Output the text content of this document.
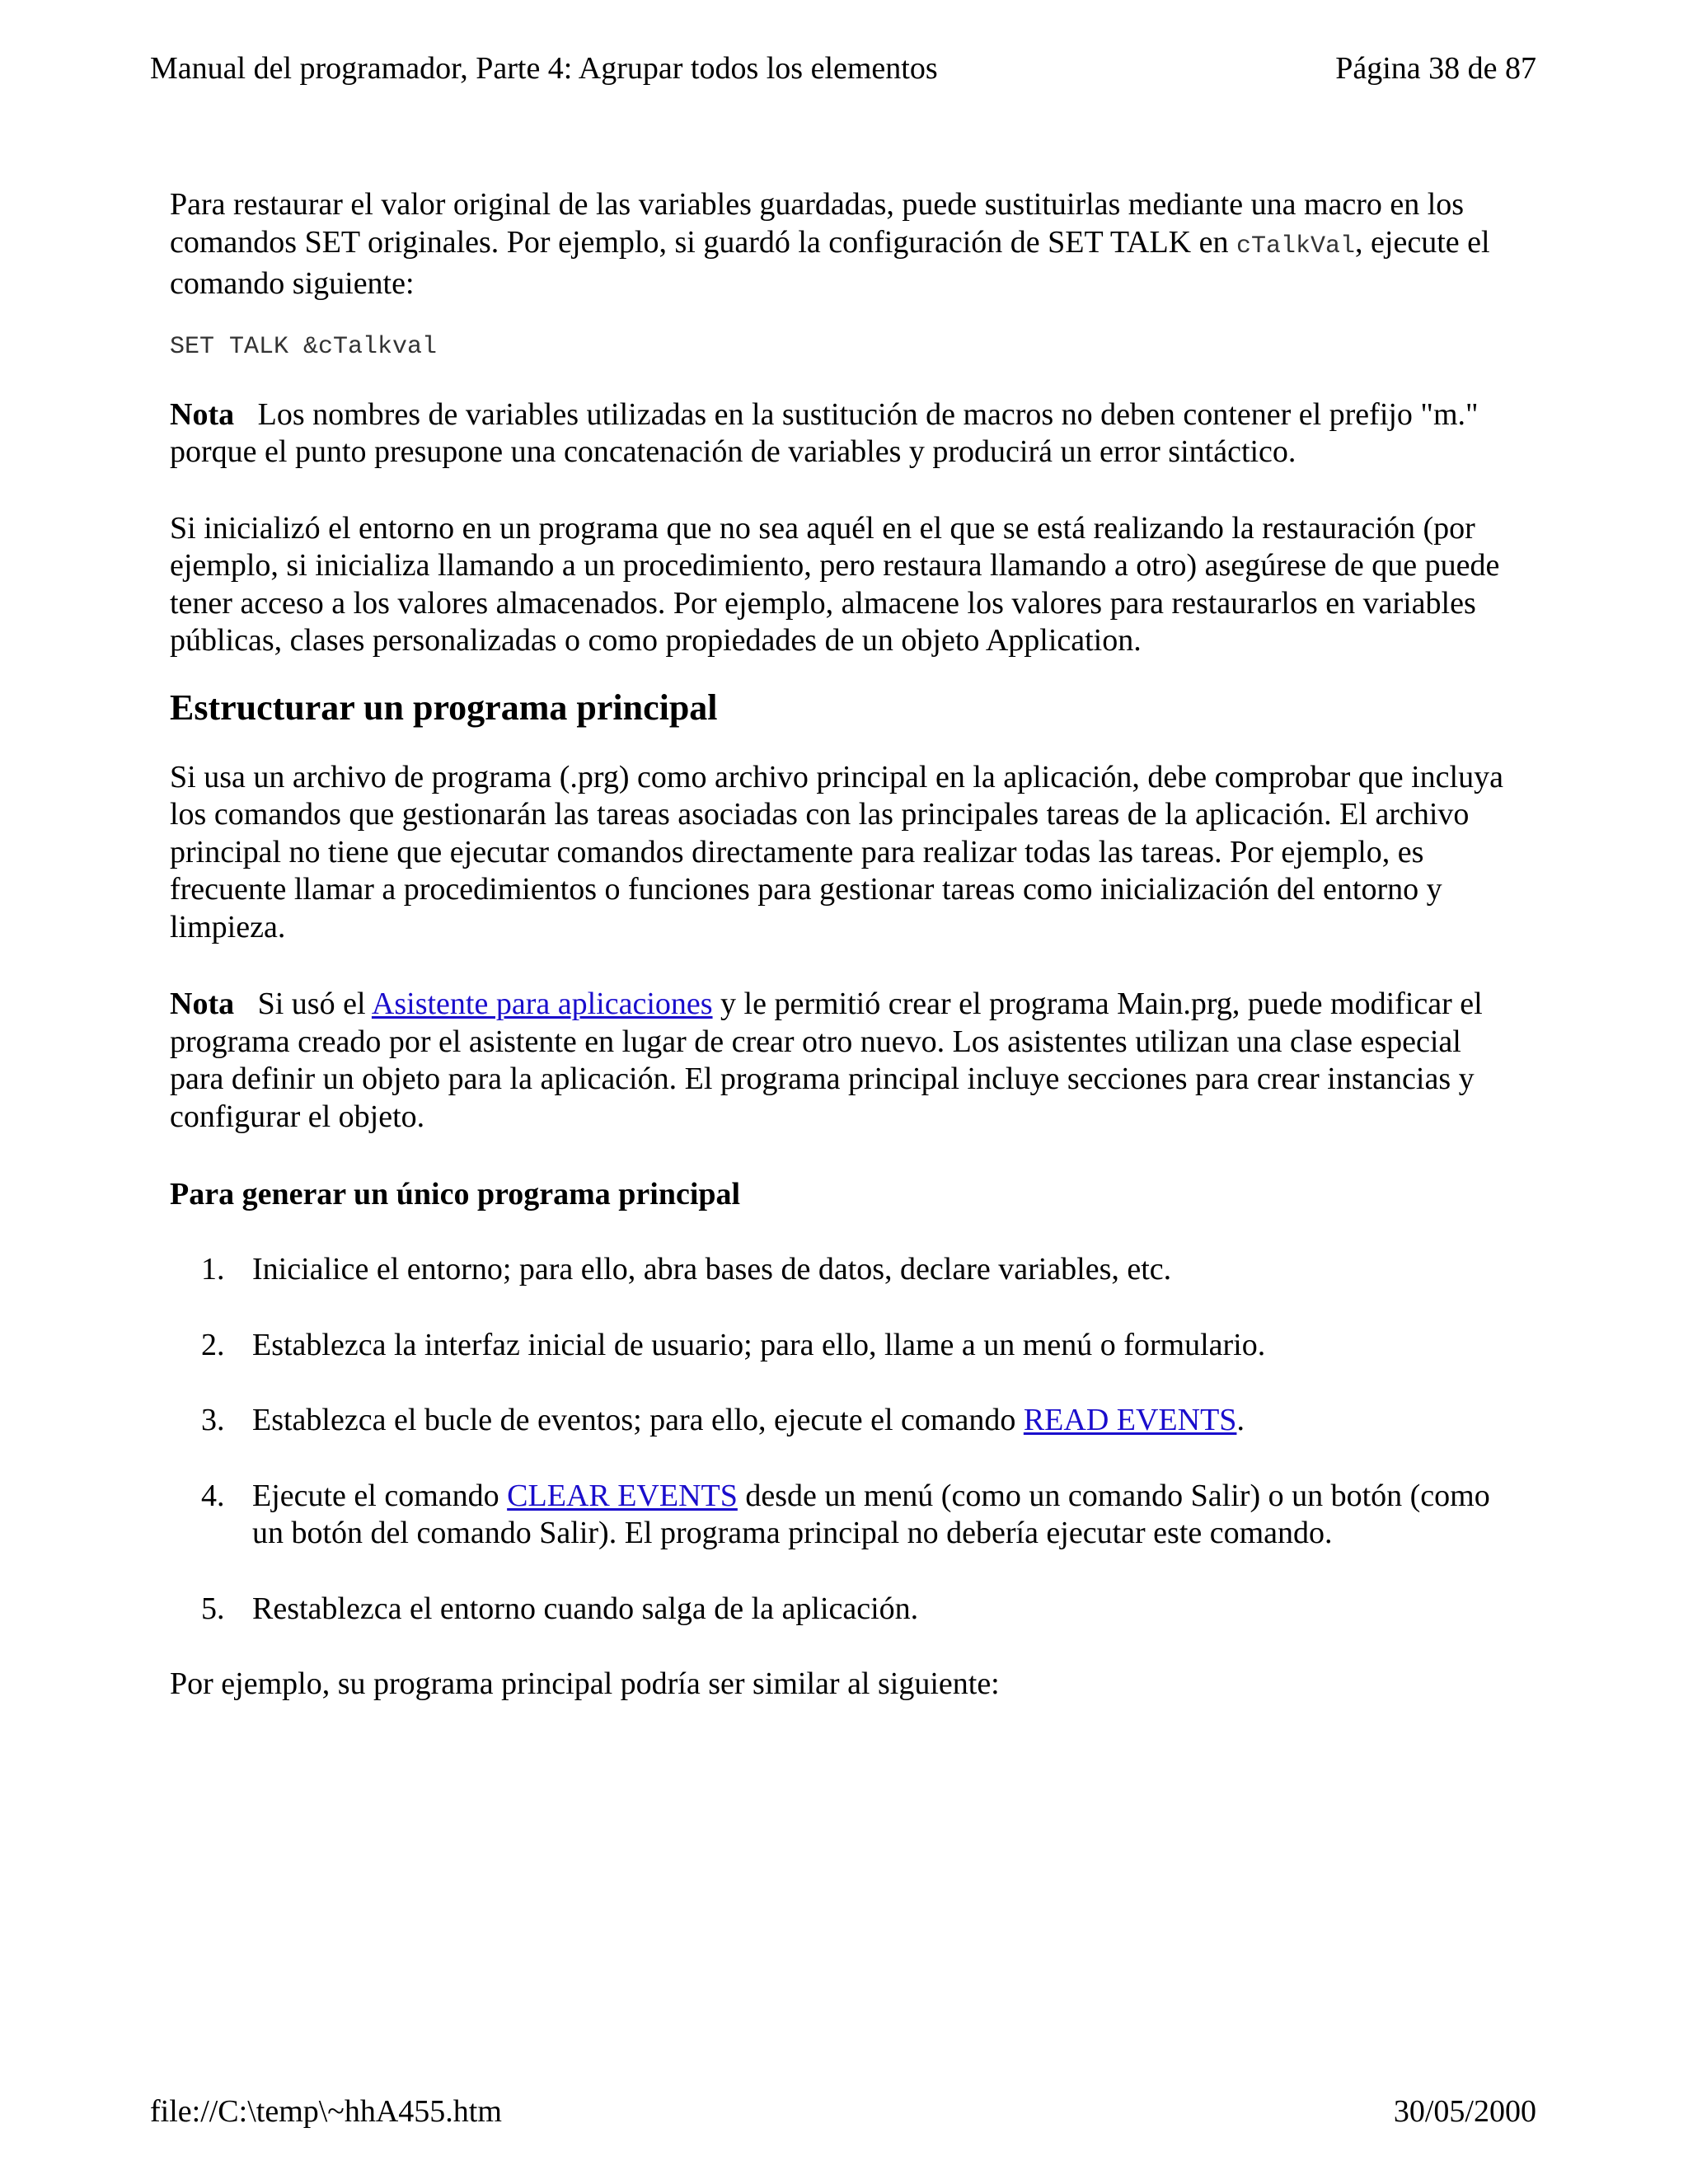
Manual del programador, Parte 4: Agrupar todos los elementos	Página 38 de 87

Para restaurar el valor original de las variables guardadas, puede sustituirlas mediante una macro en los comandos SET originales. Por ejemplo, si guardó la configuración de SET TALK en cTalkVal, ejecute el comando siguiente:

SET TALK &cTalkval

Nota Los nombres de variables utilizadas en la sustitución de macros no deben contener el prefijo "m." porque el punto presupone una concatenación de variables y producirá un error sintáctico.

Si inicializó el entorno en un programa que no sea aquél en el que se está realizando la restauración (por ejemplo, si inicializa llamando a un procedimiento, pero restaura llamando a otro) asegúrese de que puede tener acceso a los valores almacenados. Por ejemplo, almacene los valores para restaurarlos en variables públicas, clases personalizadas o como propiedades de un objeto Application.

Estructurar un programa principal

Si usa un archivo de programa (.prg) como archivo principal en la aplicación, debe comprobar que incluya los comandos que gestionarán las tareas asociadas con las principales tareas de la aplicación. El archivo principal no tiene que ejecutar comandos directamente para realizar todas las tareas. Por ejemplo, es frecuente llamar a procedimientos o funciones para gestionar tareas como inicialización del entorno y limpieza.

Nota Si usó el Asistente para aplicaciones y le permitió crear el programa Main.prg, puede modificar el programa creado por el asistente en lugar de crear otro nuevo. Los asistentes utilizan una clase especial para definir un objeto para la aplicación. El programa principal incluye secciones para crear instancias y configurar el objeto.

Para generar un único programa principal
1. Inicialice el entorno; para ello, abra bases de datos, declare variables, etc.
2. Establezca la interfaz inicial de usuario; para ello, llame a un menú o formulario.
3. Establezca el bucle de eventos; para ello, ejecute el comando READ EVENTS.
4. Ejecute el comando CLEAR EVENTS desde un menú (como un comando Salir) o un botón (como un botón del comando Salir). El programa principal no debería ejecutar este comando.
5. Restablezca el entorno cuando salga de la aplicación.

Por ejemplo, su programa principal podría ser similar al siguiente:

file://C:\temp\~hhA455.htm	30/05/2000
